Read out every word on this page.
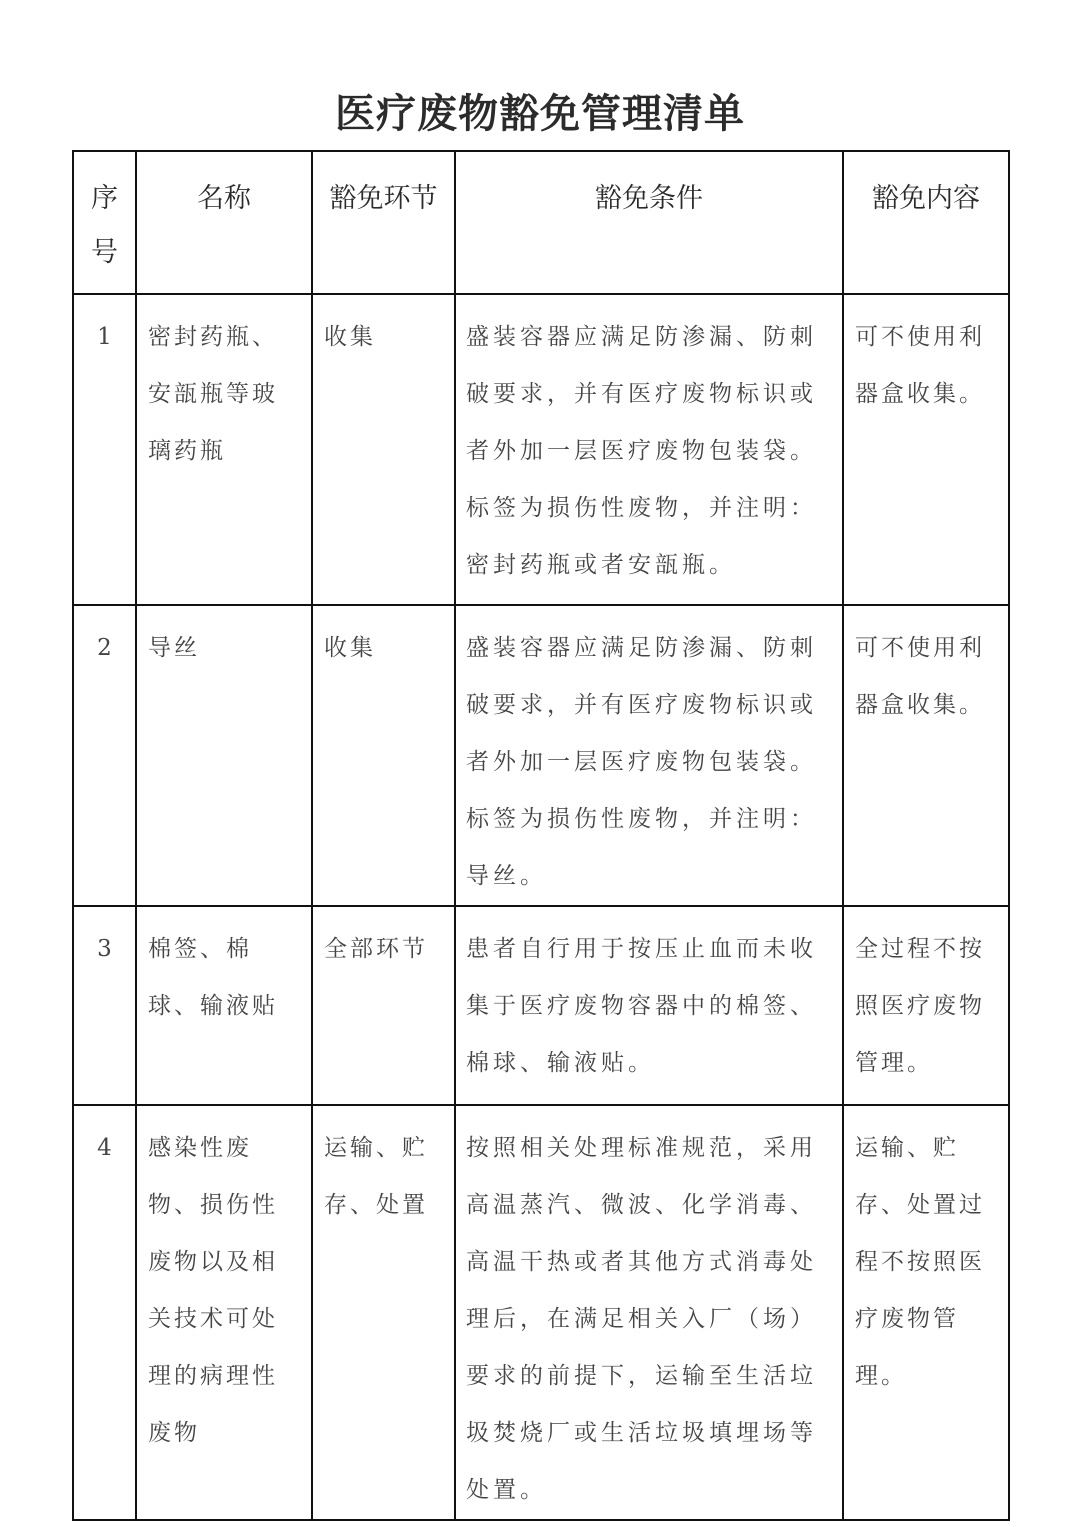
医疗废物豁免管理清单
序号	名称	豁免环节	豁免条件	豁免内容
1	密封药瓶、安瓿瓶等玻璃药瓶	收集	盛装容器应满足防渗漏、防刺破要求，并有医疗废物标识或者外加一层医疗废物包装袋。标签为损伤性废物，并注明：密封药瓶或者安瓿瓶。	可不使用利器盒收集。
2	导丝	收集	盛装容器应满足防渗漏、防刺破要求，并有医疗废物标识或者外加一层医疗废物包装袋。标签为损伤性废物，并注明：导丝。	可不使用利器盒收集。
3	棉签、棉球、输液贴	全部环节	患者自行用于按压止血而未收集于医疗废物容器中的棉签、棉球、输液贴。	全过程不按照医疗废物管理。
4	感染性废物、损伤性废物以及相关技术可处理的病理性废物	运输、贮存、处置	按照相关处理标准规范，采用高温蒸汽、微波、化学消毒、高温干热或者其他方式消毒处理后，在满足相关入厂（场）要求的前提下，运输至生活垃圾焚烧厂或生活垃圾填埋场等处置。	运输、贮存、处置过程不按照医疗废物管理。
